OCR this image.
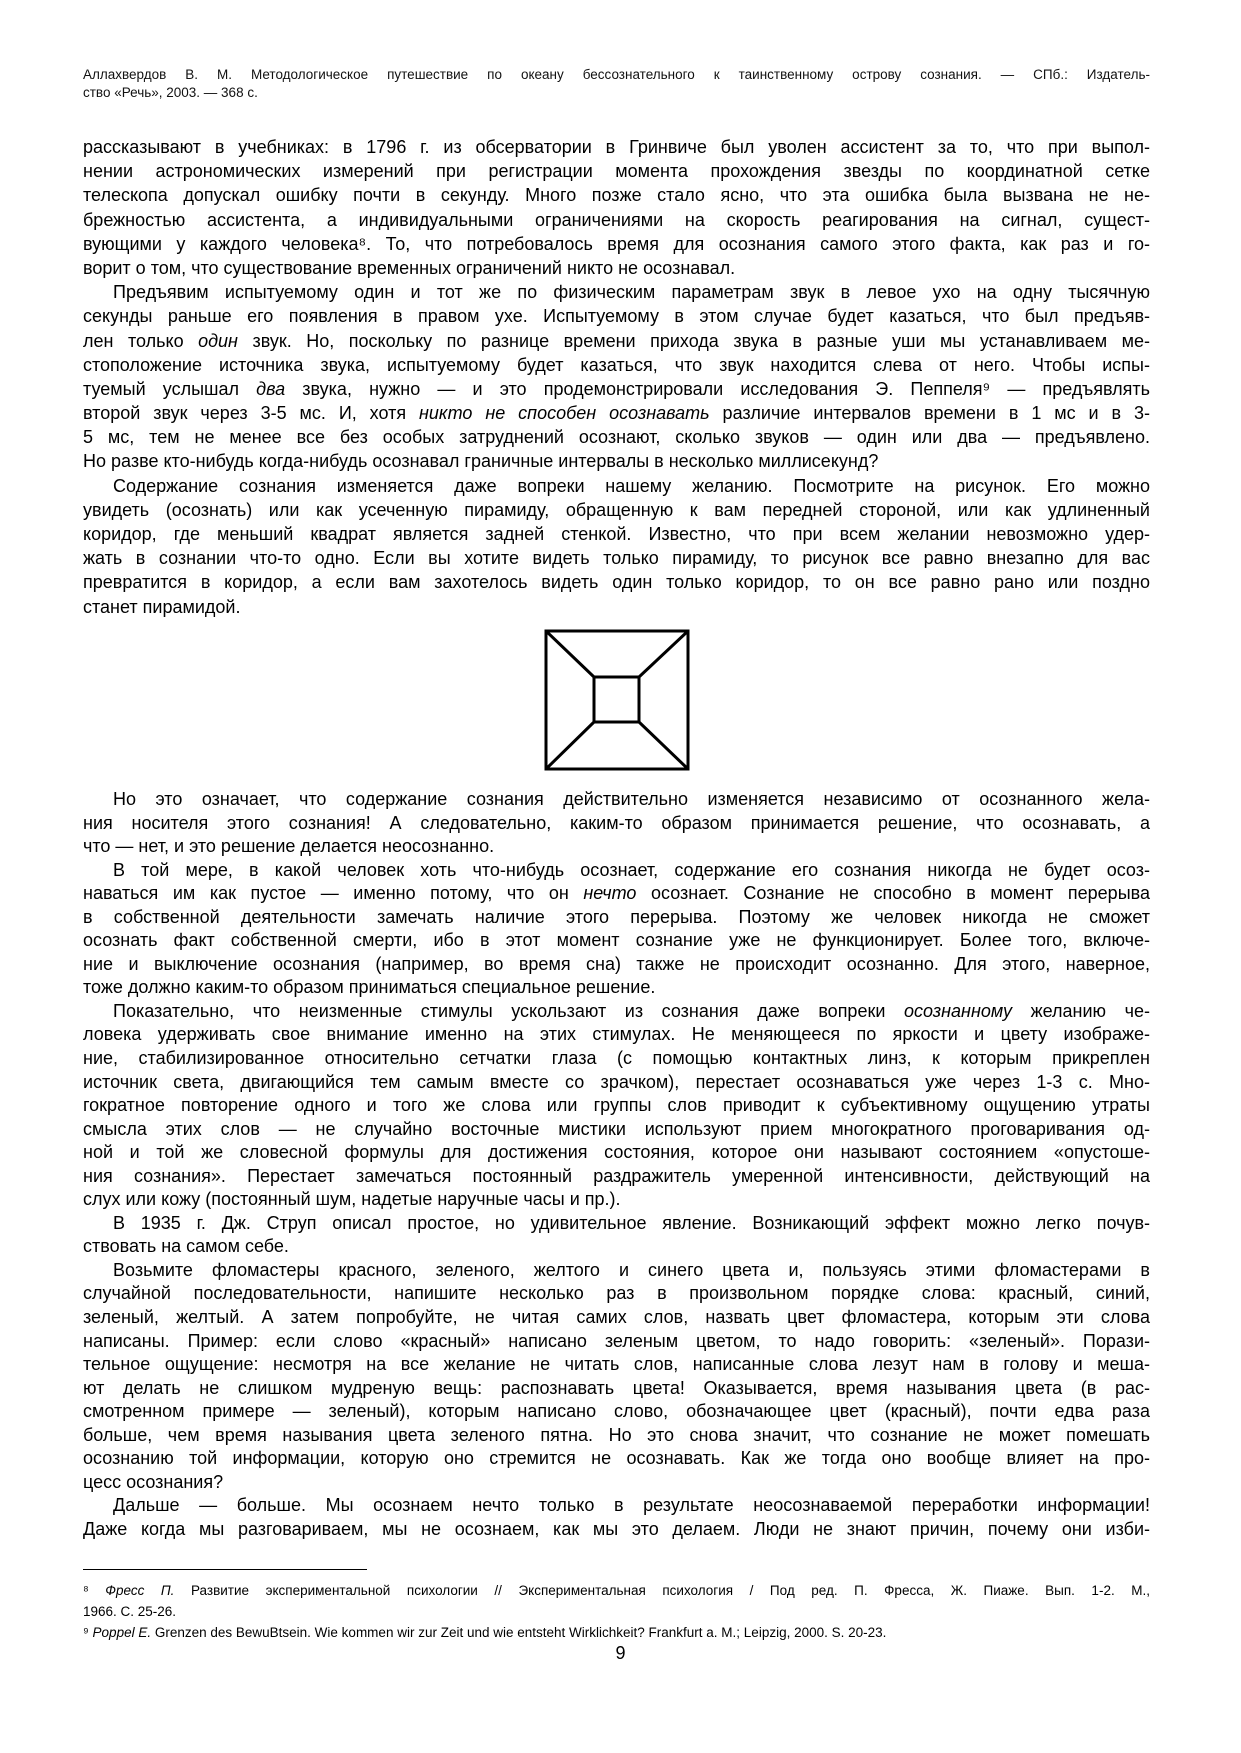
Аллахвердов В. М. Методологическое путешествие по океану бессознательного к таинственному острову сознания. — СПб.: Издатель-
ство «Речь», 2003. — 368 с.
рассказывают в учебниках: в 1796 г. из обсерватории в Гринвиче был уволен ассистент за то, что при выпол-
нении астрономических измерений при регистрации момента прохождения звезды по координатной сетке
телескопа допускал ошибку почти в секунду. Много позже стало ясно, что эта ошибка была вызвана не не-
брежностью ассистента, а индивидуальными ограничениями на скорость реагирования на сигнал, сущест-
вующими у каждого человека⁸. То, что потребовалось время для осознания самого этого факта, как раз и го-
ворит о том, что существование временных ограничений никто не осознавал.
Предъявим испытуемому один и тот же по физическим параметрам звук в левое ухо на одну тысячную
секунды раньше его появления в правом ухе. Испытуемому в этом случае будет казаться, что был предъяв-
лен только один звук. Но, поскольку по разнице времени прихода звука в разные уши мы устанавливаем ме-
стоположение источника звука, испытуемому будет казаться, что звук находится слева от него. Чтобы испы-
туемый услышал два звука, нужно — и это продемонстрировали исследования Э. Пеппеля⁹ — предъявлять
второй звук через 3-5 мс. И, хотя никто не способен осознавать различие интервалов времени в 1 мс и в 3-
5 мс, тем не менее все без особых затруднений осознают, сколько звуков — один или два — предъявлено.
Но разве кто-нибудь когда-нибудь осознавал граничные интервалы в несколько миллисекунд?
Содержание сознания изменяется даже вопреки нашему желанию. Посмотрите на рисунок. Его можно
увидеть (осознать) или как усеченную пирамиду, обращенную к вам передней стороной, или как удлиненный
коридор, где меньший квадрат является задней стенкой. Известно, что при всем желании невозможно удер-
жать в сознании что-то одно. Если вы хотите видеть только пирамиду, то рисунок все равно внезапно для вас
превратится в коридор, а если вам захотелось видеть один только коридор, то он все равно рано или поздно
станет пирамидой.
Но это означает, что содержание сознания действительно изменяется независимо от осознанного жела-
ния носителя этого сознания! А следовательно, каким-то образом принимается решение, что осознавать, а
что — нет, и это решение делается неосознанно.
В той мере, в какой человек хоть что-нибудь осознает, содержание его сознания никогда не будет осоз-
наваться им как пустое — именно потому, что он нечто осознает. Сознание не способно в момент перерыва
в собственной деятельности замечать наличие этого перерыва. Поэтому же человек никогда не сможет
осознать факт собственной смерти, ибо в этот момент сознание уже не функционирует. Более того, включе-
ние и выключение осознания (например, во время сна) также не происходит осознанно. Для этого, наверное,
тоже должно каким-то образом приниматься специальное решение.
Показательно, что неизменные стимулы ускользают из сознания даже вопреки осознанному желанию че-
ловека удерживать свое внимание именно на этих стимулах. Не меняющееся по яркости и цвету изображе-
ние, стабилизированное относительно сетчатки глаза (с помощью контактных линз, к которым прикреплен
источник света, двигающийся тем самым вместе со зрачком), перестает осознаваться уже через 1-3 с. Мно-
гократное повторение одного и того же слова или группы слов приводит к субъективному ощущению утраты
смысла этих слов — не случайно восточные мистики используют прием многократного проговаривания од-
ной и той же словесной формулы для достижения состояния, которое они называют состоянием «опустоше-
ния сознания». Перестает замечаться постоянный раздражитель умеренной интенсивности, действующий на
слух или кожу (постоянный шум, надетые наручные часы и пр.).
В 1935 г. Дж. Струп описал простое, но удивительное явление. Возникающий эффект можно легко почув-
ствовать на самом себе.
Возьмите фломастеры красного, зеленого, желтого и синего цвета и, пользуясь этими фломастерами в
случайной последовательности, напишите несколько раз в произвольном порядке слова: красный, синий,
зеленый, желтый. А затем попробуйте, не читая самих слов, назвать цвет фломастера, которым эти слова
написаны. Пример: если слово «красный» написано зеленым цветом, то надо говорить: «зеленый». Порази-
тельное ощущение: несмотря на все желание не читать слов, написанные слова лезут нам в голову и меша-
ют делать не слишком мудреную вещь: распознавать цвета! Оказывается, время называния цвета (в рас-
смотренном примере — зеленый), которым написано слово, обозначающее цвет (красный), почти едва раза
больше, чем время называния цвета зеленого пятна. Но это снова значит, что сознание не может помешать
осознанию той информации, которую оно стремится не осознавать. Как же тогда оно вообще влияет на про-
цесс осознания?
Дальше — больше. Мы осознаем нечто только в результате неосознаваемой переработки информации!
Даже когда мы разговариваем, мы не осознаем, как мы это делаем. Люди не знают причин, почему они изби-
⁸ Фресс П. Развитие экспериментальной психологии // Экспериментальная психология / Под ред. П. Фресса, Ж. Пиаже. Вып. 1-2. М.,
1966. С. 25-26.
⁹ Poppel E. Grenzen des BewuBtsein. Wie kommen wir zur Zeit und wie entsteht Wirklichkeit? Frankfurt a. M.; Leipzig, 2000. S. 20-23.
9
